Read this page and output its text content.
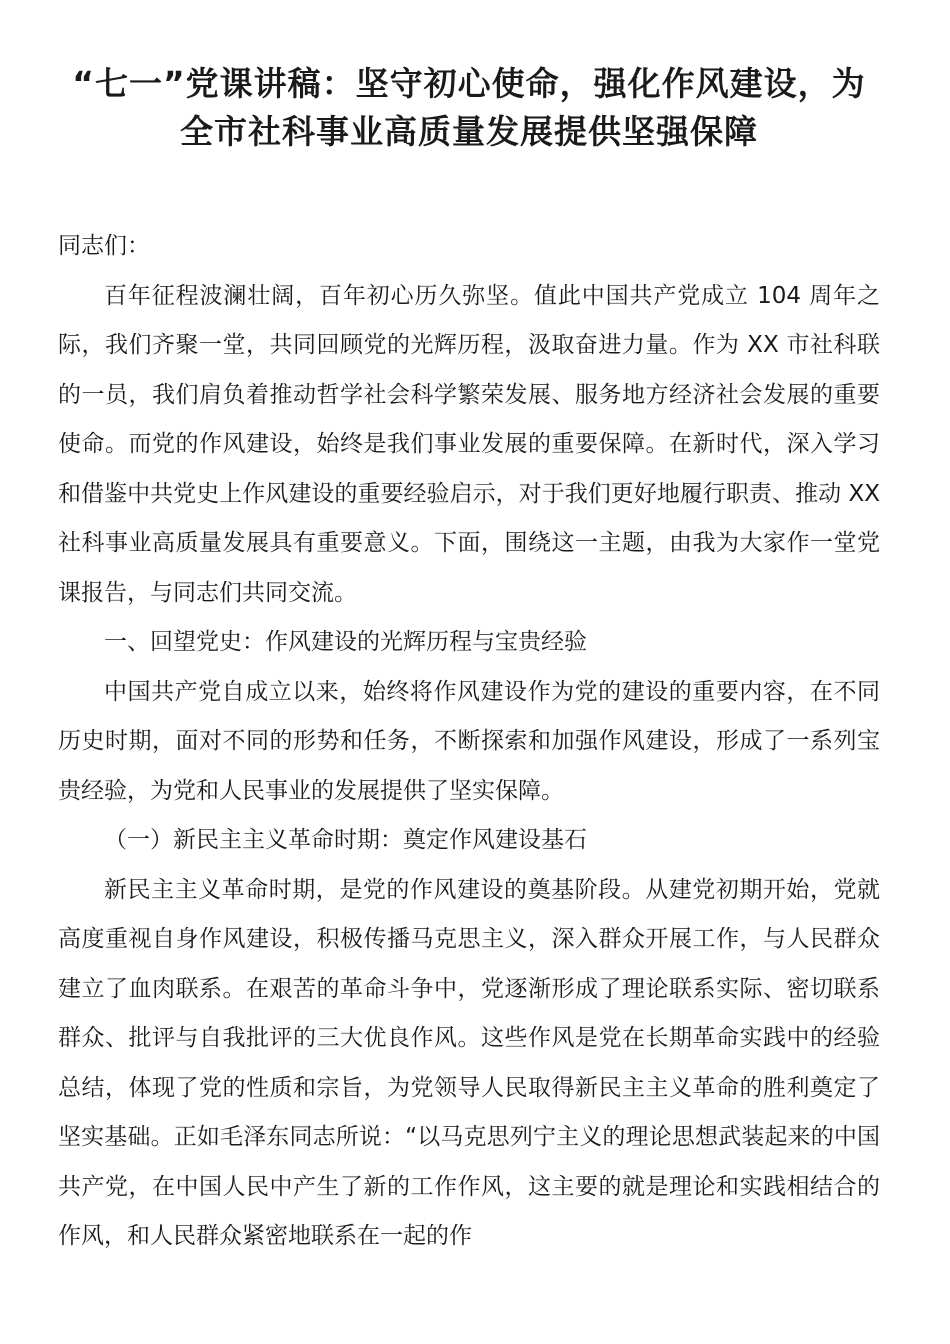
“七一”党课讲稿：坚守初心使命，强化作风建设，为
全市社科事业高质量发展提供坚强保障

同志们：

百年征程波澜壮阔，百年初心历久弥坚。值此中国共产党成立 104 周年之际，我们齐聚一堂，共同回顾党的光辉历程，汲取奋进力量。作为 XX 市社科联的一员，我们肩负着推动哲学社会科学繁荣发展、服务地方经济社会发展的重要使命。而党的作风建设，始终是我们事业发展的重要保障。在新时代，深入学习和借鉴中共党史上作风建设的重要经验启示，对于我们更好地履行职责、推动 XX 社科事业高质量发展具有重要意义。下面，围绕这一主题，由我为大家作一堂党课报告，与同志们共同交流。

一、回望党史：作风建设的光辉历程与宝贵经验

中国共产党自成立以来，始终将作风建设作为党的建设的重要内容，在不同历史时期，面对不同的形势和任务，不断探索和加强作风建设，形成了一系列宝贵经验，为党和人民事业的发展提供了坚实保障。

（一）新民主主义革命时期：奠定作风建设基石

新民主主义革命时期，是党的作风建设的奠基阶段。从建党初期开始，党就高度重视自身作风建设，积极传播马克思主义，深入群众开展工作，与人民群众建立了血肉联系。在艰苦的革命斗争中，党逐渐形成了理论联系实际、密切联系群众、批评与自我批评的三大优良作风。这些作风是党在长期革命实践中的经验总结，体现了党的性质和宗旨，为党领导人民取得新民主主义革命的胜利奠定了坚实基础。正如毛泽东同志所说：“以马克思列宁主义的理论思想武装起来的中国共产党，在中国人民中产生了新的工作作风，这主要的就是理论和实践相结合的作风，和人民群众紧密地联系在一起的作
